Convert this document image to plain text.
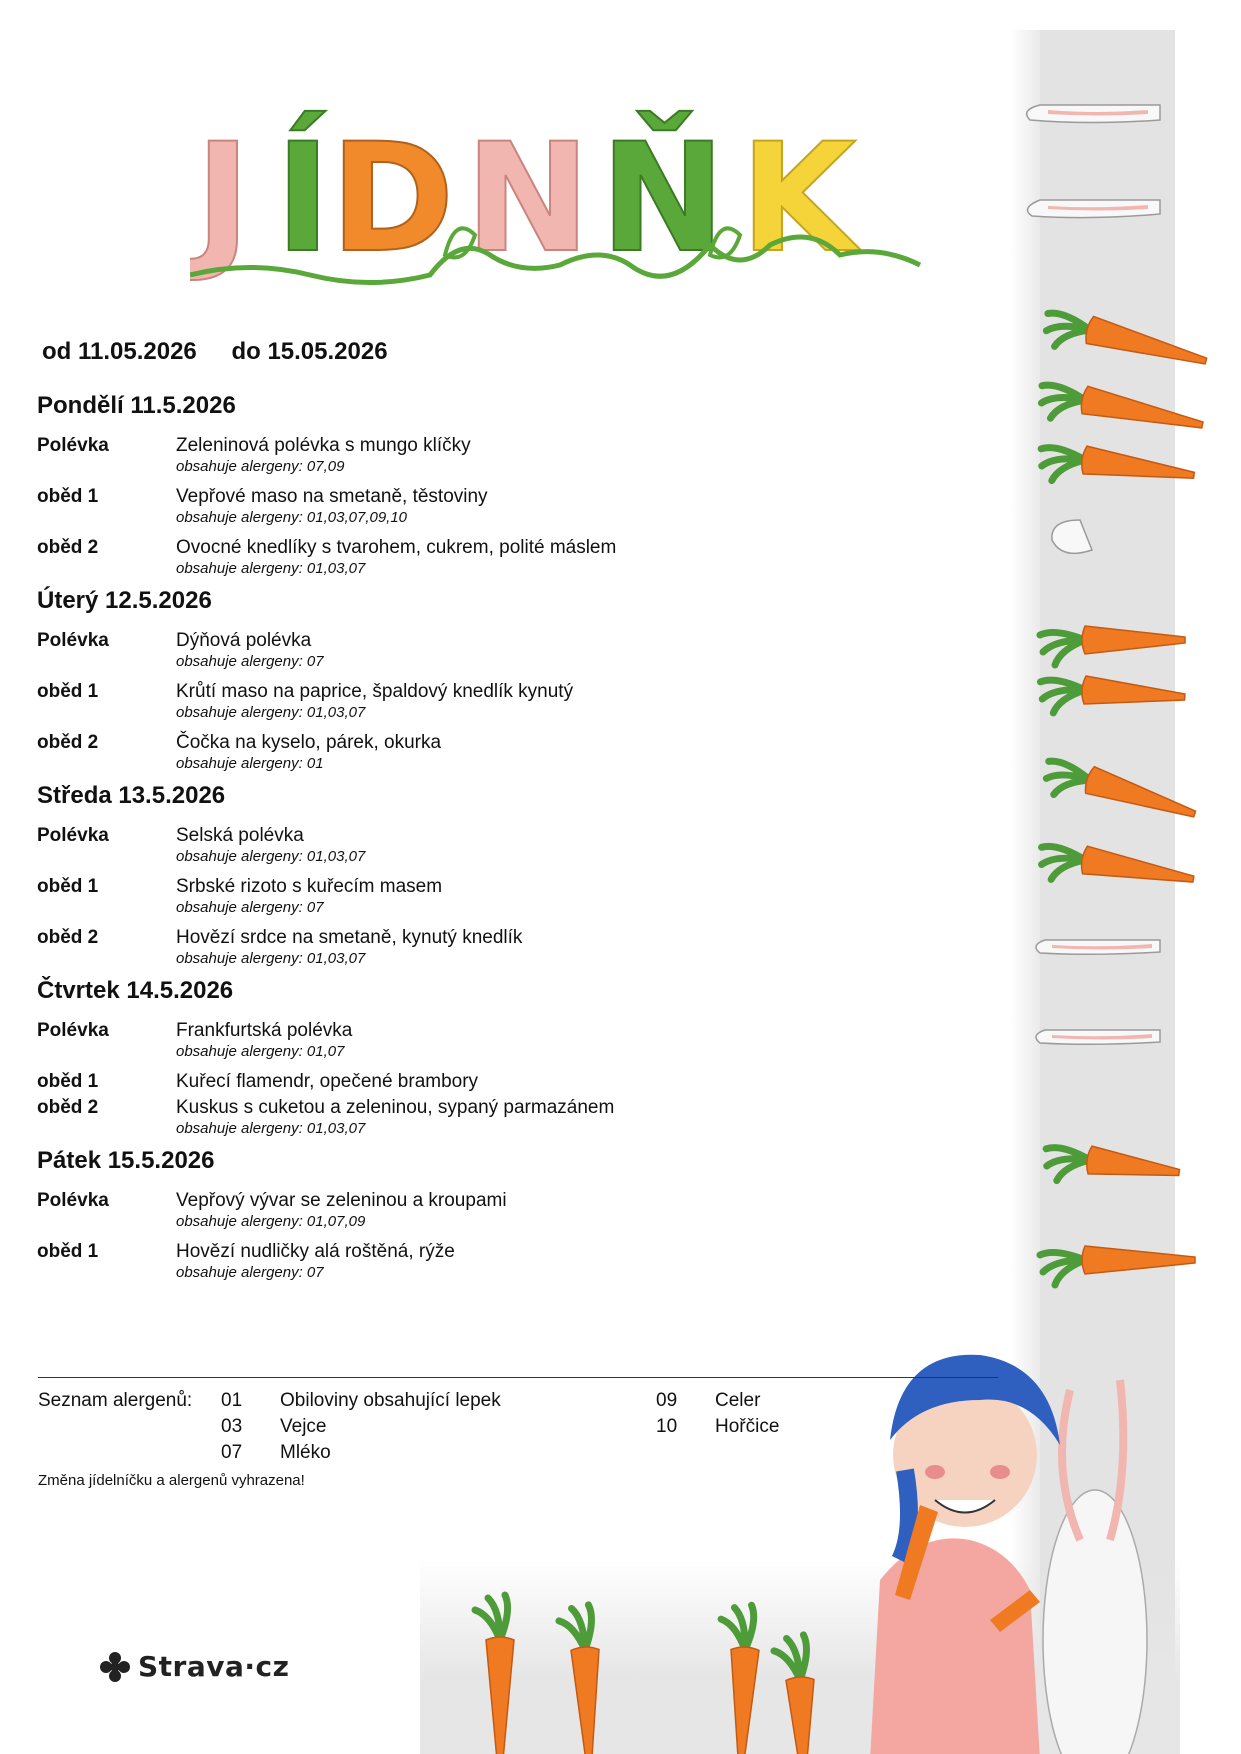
J Í D N Ň K
od 11.05.2026 do 15.05.2026
Pondělí 11.5.2026
Polévka	Zeleninová polévka s mungo klíčky
obsahuje alergeny: 07,09
oběd 1	Vepřové maso na smetaně, těstoviny
obsahuje alergeny: 01,03,07,09,10
oběd 2	Ovocné knedlíky s tvarohem, cukrem, polité máslem
obsahuje alergeny: 01,03,07
Úterý 12.5.2026
Polévka	Dýňová polévka
obsahuje alergeny: 07
oběd 1	Krůtí maso na paprice, špaldový knedlík kynutý
obsahuje alergeny: 01,03,07
oběd 2	Čočka na kyselo, párek, okurka
obsahuje alergeny: 01
Středa 13.5.2026
Polévka	Selská polévka
obsahuje alergeny: 01,03,07
oběd 1	Srbské rizoto s kuřecím masem
obsahuje alergeny: 07
oběd 2	Hovězí srdce na smetaně, kynutý knedlík
obsahuje alergeny: 01,03,07
Čtvrtek 14.5.2026
Polévka	Frankfurtská polévka
obsahuje alergeny: 01,07
oběd 1	Kuřecí flamendr, opečené brambory
oběd 2	Kuskus s cuketou a zeleninou, sypaný parmazánem
obsahuje alergeny: 01,03,07
Pátek 15.5.2026
Polévka	Vepřový vývar se zeleninou a kroupami
obsahuje alergeny: 01,07,09
oběd 1	Hovězí nudličky alá roštěná, rýže
obsahuje alergeny: 07
Seznam alergenů: 01 Obiloviny obsahující lepek
03 Vejce
07 Mléko
09 Celer
10 Hořčice
Změna jídelníčku a alergenů vyhrazena!
Strava·cz
